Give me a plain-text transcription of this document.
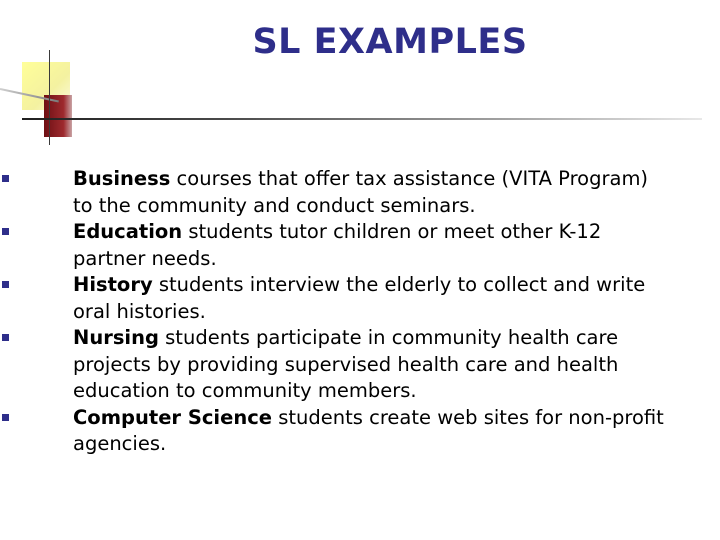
SL EXAMPLES
Business courses that offer tax assistance (VITA Program) to the community and conduct seminars.
Education students tutor children or meet other K-12 partner needs.
History students interview the elderly to collect and write oral histories.
Nursing students participate in community health care projects by providing supervised health care and health education to community members.
Computer Science students create web sites for non-profit agencies.
